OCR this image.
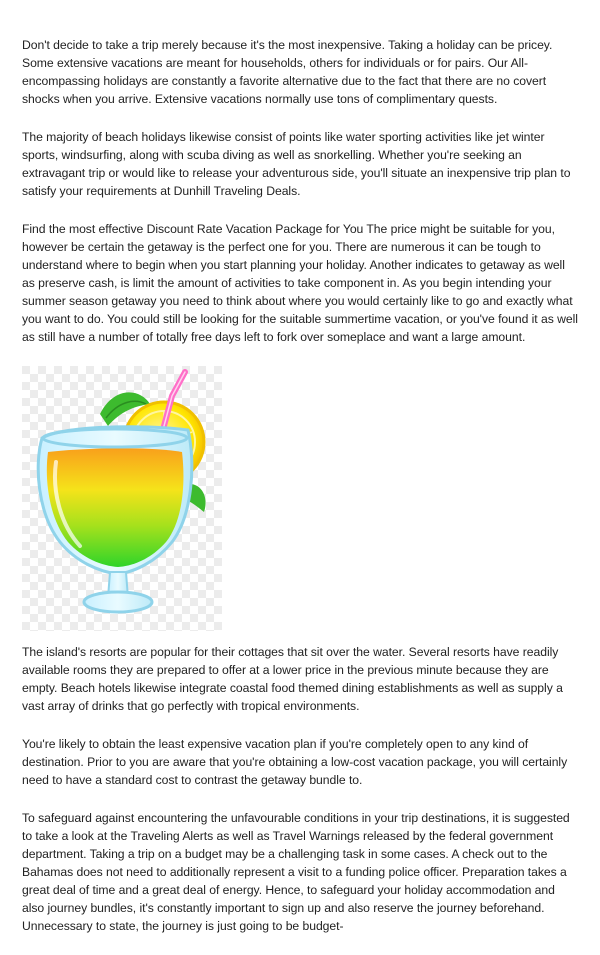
Don't decide to take a trip merely because it's the most inexpensive. Taking a holiday can be pricey. Some extensive vacations are meant for households, others for individuals or for pairs. Our All-encompassing holidays are constantly a favorite alternative due to the fact that there are no covert shocks when you arrive. Extensive vacations normally use tons of complimentary quests.

The majority of beach holidays likewise consist of points like water sporting activities like jet winter sports, windsurfing, along with scuba diving as well as snorkelling. Whether you're seeking an extravagant trip or would like to release your adventurous side, you'll situate an inexpensive trip plan to satisfy your requirements at Dunhill Traveling Deals.

Find the most effective Discount Rate Vacation Package for You The price might be suitable for you, however be certain the getaway is the perfect one for you. There are numerous it can be tough to understand where to begin when you start planning your holiday. Another indicates to getaway as well as preserve cash, is limit the amount of activities to take component in. As you begin intending your summer season getaway you need to think about where you would certainly like to go and exactly what you want to do. You could still be looking for the suitable summertime vacation, or you've found it as well as still have a number of totally free days left to fork over someplace and want a large amount.

The island's resorts are popular for their cottages that sit over the water. Several resorts have readily available rooms they are prepared to offer at a lower price in the previous minute because they are empty. Beach hotels likewise integrate coastal food themed dining establishments as well as supply a vast array of drinks that go perfectly with tropical environments.

You're likely to obtain the least expensive vacation plan if you're completely open to any kind of destination. Prior to you are aware that you're obtaining a low-cost vacation package, you will certainly need to have a standard cost to contrast the getaway bundle to.

To safeguard against encountering the unfavourable conditions in your trip destinations, it is suggested to take a look at the Traveling Alerts as well as Travel Warnings released by the federal government department. Taking a trip on a budget may be a challenging task in some cases. A check out to the Bahamas does not need to additionally represent a visit to a funding police officer. Preparation takes a great deal of time and a great deal of energy. Hence, to safeguard your holiday accommodation and also journey bundles, it's constantly important to sign up and also reserve the journey beforehand. Unnecessary to state, the journey is just going to be budget-
